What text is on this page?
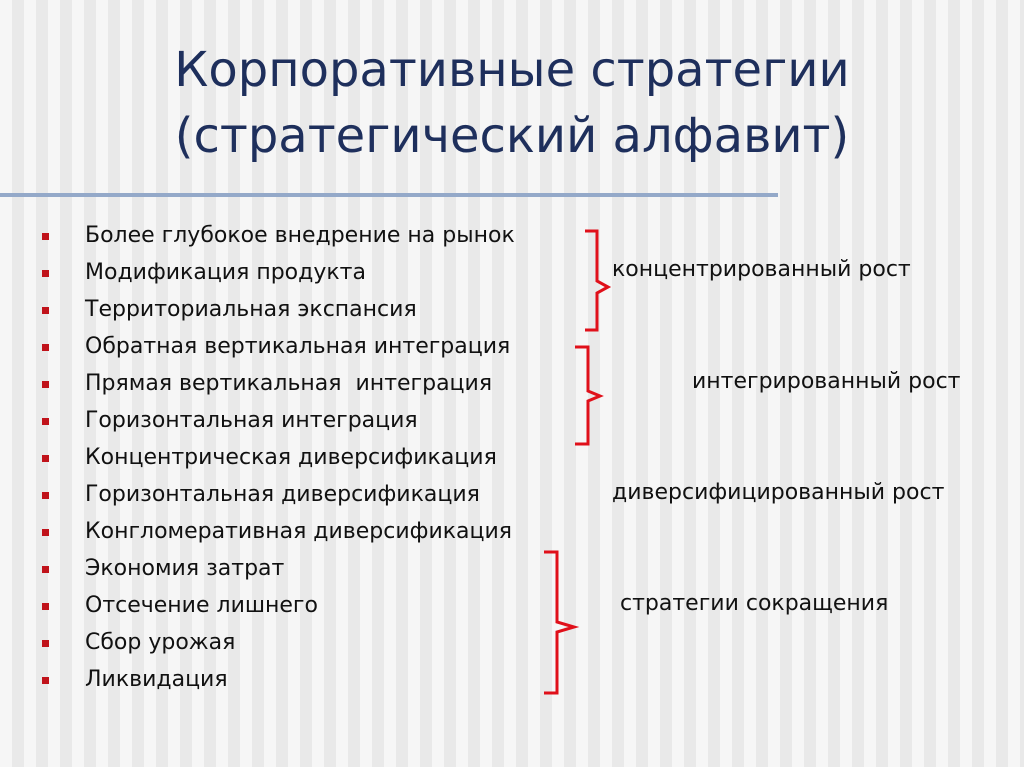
Корпоративные стратегии
(стратегический алфавит)
Более глубокое внедрение на рынок
Модификация продукта
Территориальная экспансия
Обратная вертикальная интеграция
Прямая вертикальная  интеграция
Горизонтальная интеграция
Концентрическая диверсификация
Горизонтальная диверсификация
Конгломеративная диверсификация
Экономия затрат
Отсечение лишнего
Сбор урожая
Ликвидация
концентрированный рост
интегрированный рост
диверсифицированный рост
стратегии сокращения
